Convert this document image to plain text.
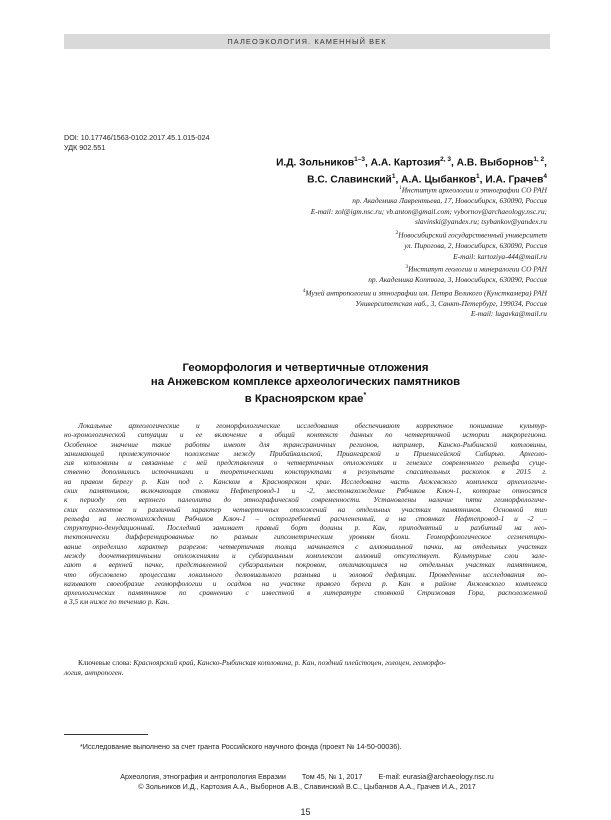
ПАЛЕОЭКОЛОГИЯ. КАМЕННЫЙ ВЕК
DOI: 10.17746/1563-0102.2017.45.1.015-024
УДК 902.551
И.Д. Зольников$^{1-3}$, А.А. Картозия$^{2, 3}$, А.В. Выборнов$^{1, 2}$,
В.С. Славинский$^1$, А.А. Цыбанков$^1$, И.А. Грачев$^4$
$^1$Институт археологии и этнографии СО РАН
пр. Академика Лаврентьева, 17, Новосибирск, 630090, Россия
E-mail: zol@igm.nsc.ru; vb.anton@gmail.com; vybornov@archaeology.nsc.ru;
slavinski@yandex.ru; tsybankov@yandex.ru
$^2$Новосибирский государственный университет
ул. Пирогова, 2, Новосибирск, 630090, Россия
E-mail: kartoziya-444@mail.ru
$^3$Институт геологии и минералогии СО РАН
пр. Академика Коптюга, 3, Новосибирск, 630090, Россия
$^4$Музей антропологии и этнографии им. Петра Великого (Кунсткамера) РАН
Университетская наб., 3, Санкт-Петербург, 199034, Россия
E-mail: lugavka@mail.ru
Геоморфология и четвертичные отложения
на Анжевском комплексе археологических памятников
в Красноярском крае*
Локальные археологические и геоморфологические исследования обеспечивают корректное понимание культур-
но-хронологической ситуации и ее включение в общий контекст данных по четвертичной истории макрорегиона.
Особенное значение такие работы имеют для трансграничных регионов, например, Канско-Рыбинской котловины,
занимающей промежуточное положение между Прибайкальской, Приангарской и Приенисейской Сибирью. Археоло-
гия котловины и связанные с ней представления о четвертичных отложениях и генезисе современного рельефа суще-
ственно дополнились источниками и теоретическими конструктами в результате спасательных раскопок в 2015 г.
на правом берегу р. Кан под г. Канском в Красноярском крае. Исследована часть Анжевского комплекса археологиче-
ских памятников, включающая стоянки Нефтепровод-1 и -2, местонахождение Рябчиков Ключ-1, которые относятся
к периоду от верхнего палеолита до этнографической современности. Установлены наличие пяти геоморфологиче-
ских сегментов и различный характер четвертичных отложений на отдельных участках памятников. Основной тип
рельефа на местонахождении Рябчиков Ключ-1 – острогребневый расчлененный, а на стоянках Нефтепровод-1 и -2 –
структурно-денудационный. Последний занимает правый борт долины р. Кан, приподнятый и разбитый на нео-
тектонически дифференцированные по разным гипсометрическим уровням блоки. Геоморфологическое сегментиро-
вание определило характер разрезов: четвертичная толща начинается с аллювиальной пачки, на отдельных участках
между доочетвертичными отложениями и субаэральным комплексом аллювий отсутствует. Культурные слои зале-
гают в верхней пачке, представленной субаэральным покровом, отличающимся на отдельных участках памятников,
что обусловлено процессами локального делювиального размыва и золовой дефляции. Проведенные исследования по-
казывают своеобразие геоморфологии и осадков на участке правого берега р. Кан в районе Анжевского комплекса
археологических памятников по сравнению с известной в литературе стоянкой Стрижовая Гора, расположенной
в 3,5 км ниже по течению р. Кан.
Ключевые слова: Красноярский край, Канско-Рыбинская котловина, р. Кан, поздний плейстоцен, голоцен, геоморфо-
логия, антропоген.
*Исследование выполнено за счет гранта Российского научного фонда (проект № 14-50-00036).
Археология, этнография и антропология Евразии Том 45, № 1, 2017 E-mail: eurasia@archaeology.nsc.ru
© Зольников И.Д., Картозия А.А., Выборнов А.В., Славинский В.С., Цыбанков А.А., Грачев И.А., 2017
15
